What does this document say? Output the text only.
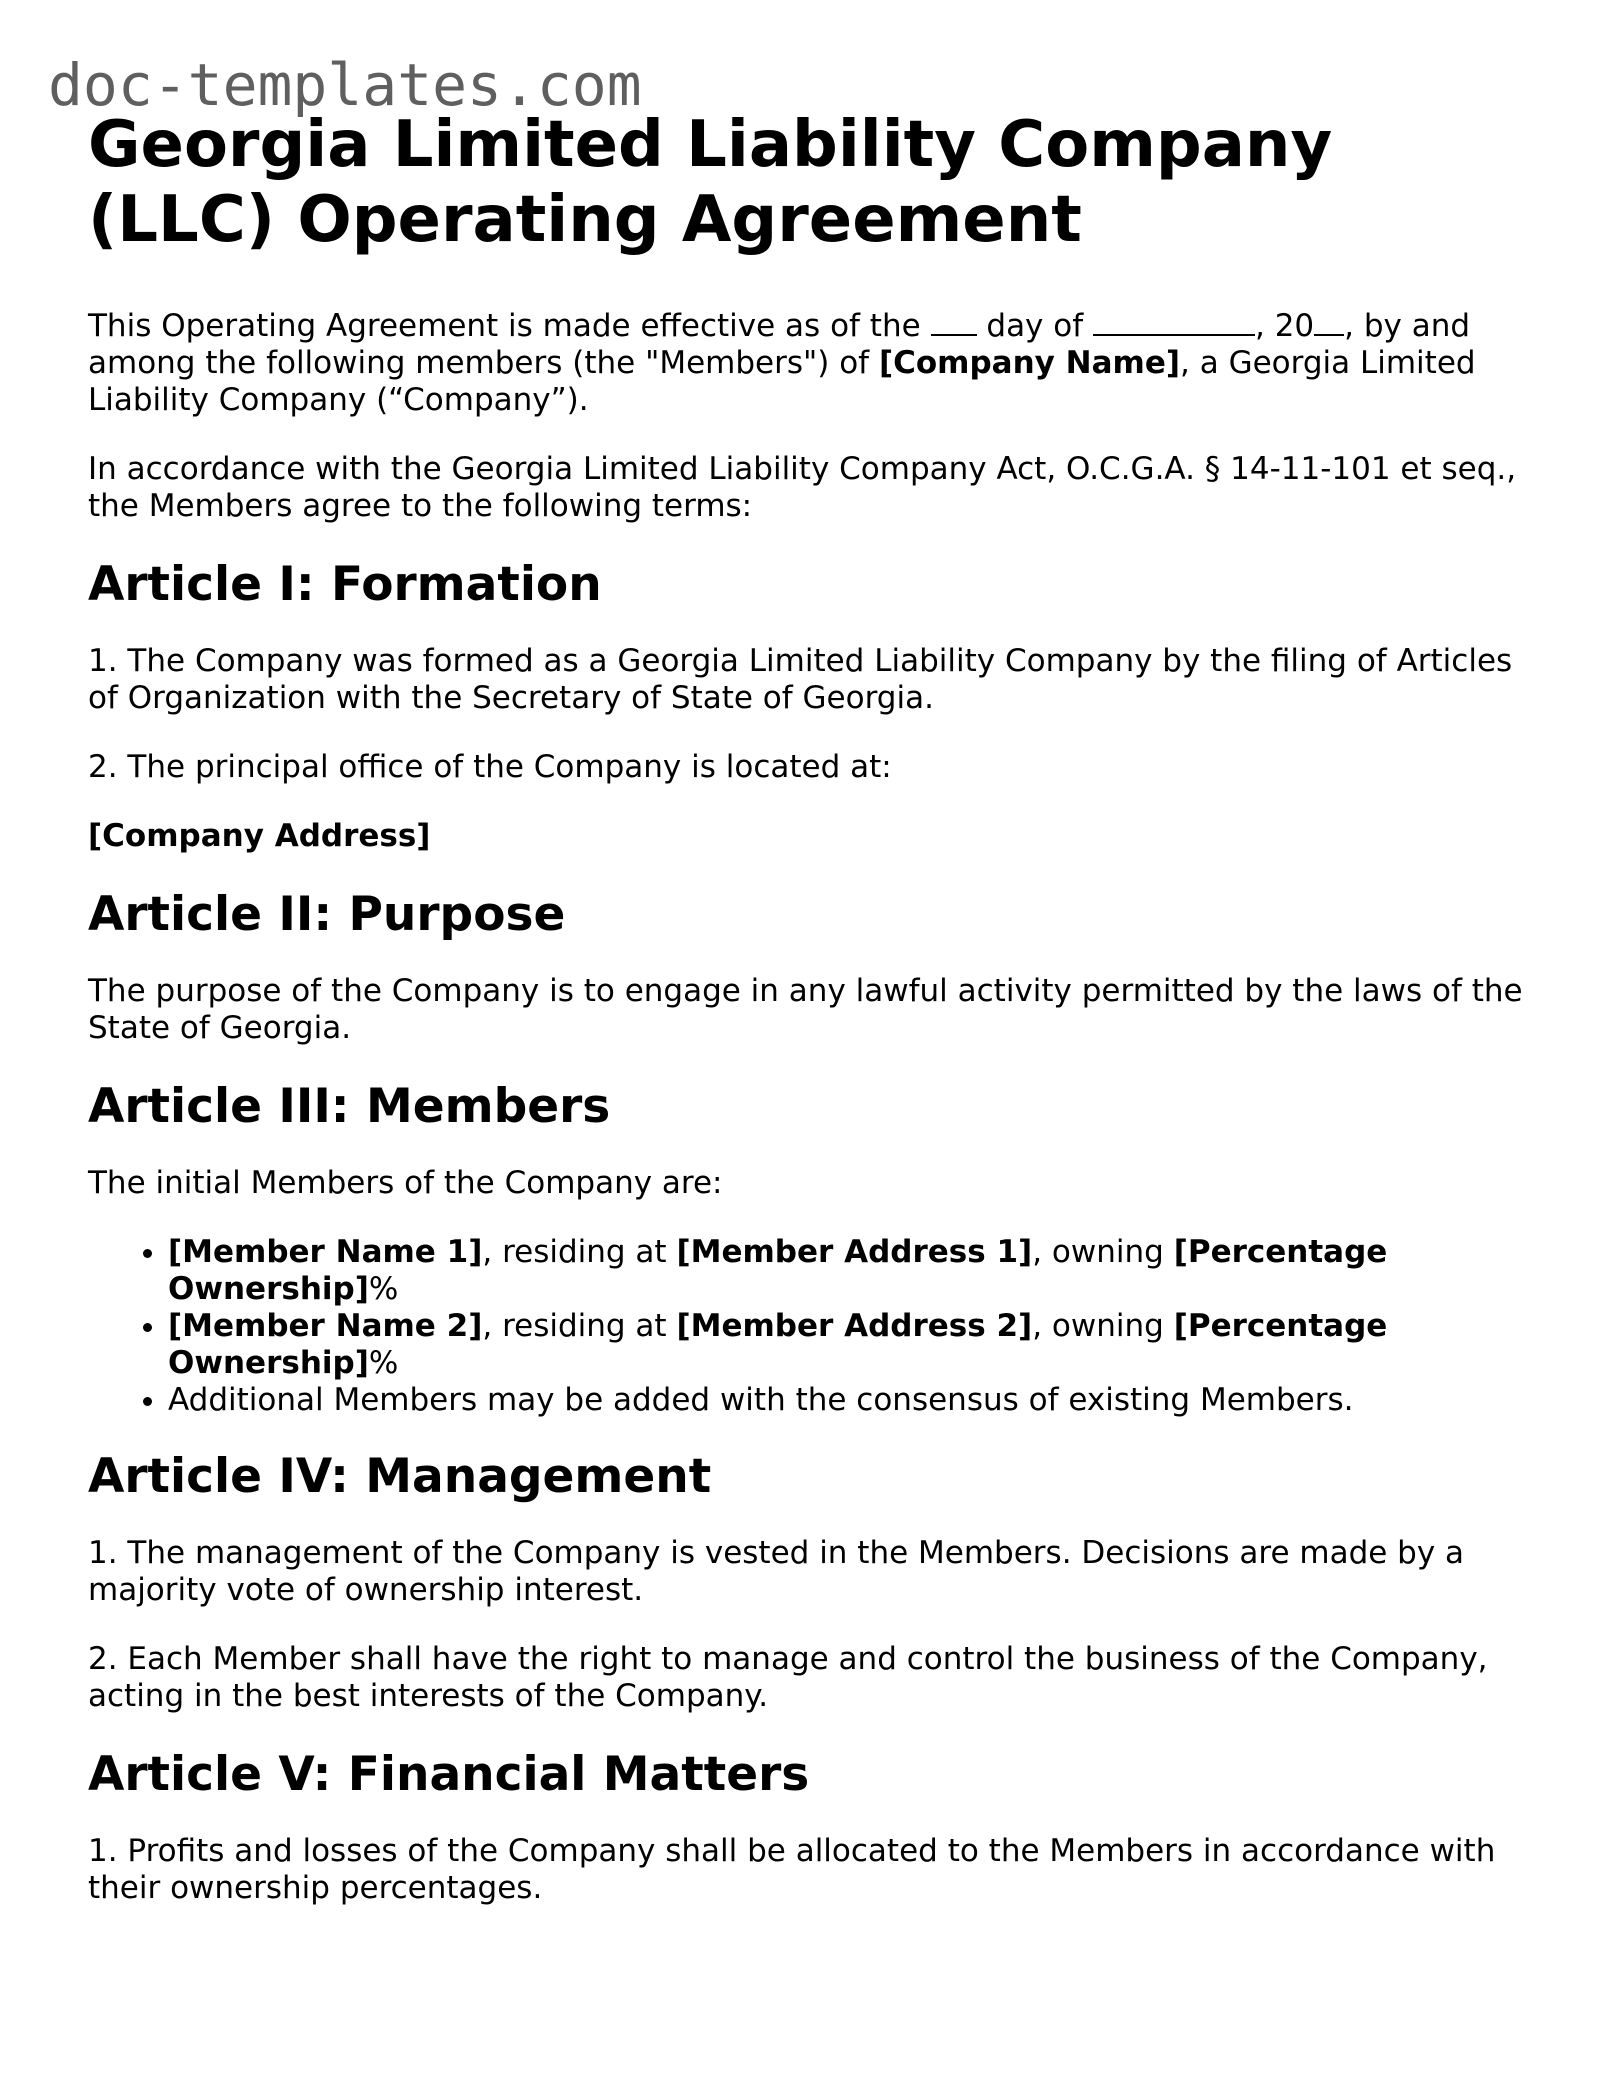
doc-templates.com
Georgia Limited Liability Company (LLC) Operating Agreement

This Operating Agreement is made effective as of the  day of	, 20 , by and among the following members (the "Members") of [Company Name], a Georgia Limited Liability Company (“Company”).

In accordance with the Georgia Limited Liability Company Act, O.C.G.A. § 14-11-101 et seq., the Members agree to the following terms:

Article I: Formation

1. The Company was formed as a Georgia Limited Liability Company by the filing of Articles of Organization with the Secretary of State of Georgia.

2. The principal office of the Company is located at:

[Company Address]

Article II: Purpose

The purpose of the Company is to engage in any lawful activity permitted by the laws of the State of Georgia.

Article III: Members

The initial Members of the Company are:

• [Member Name 1], residing at [Member Address 1], owning [Percentage Ownership]%
• [Member Name 2], residing at [Member Address 2], owning [Percentage Ownership]%
• Additional Members may be added with the consensus of existing Members.
Article IV: Management

1. The management of the Company is vested in the Members. Decisions are made by a majority vote of ownership interest.

2. Each Member shall have the right to manage and control the business of the Company, acting in the best interests of the Company.

Article V: Financial Matters

1. Profits and losses of the Company shall be allocated to the Members in accordance with their ownership percentages.
